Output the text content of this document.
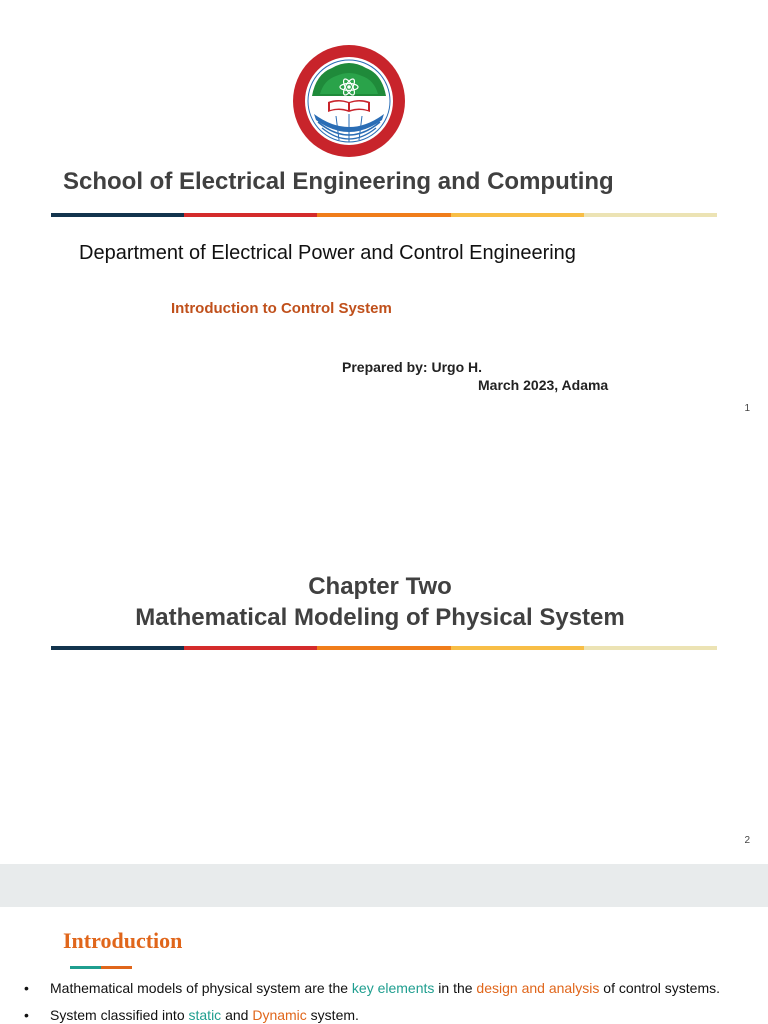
School of Electrical Engineering and Computing
Department of Electrical Power and Control Engineering
Introduction to Control System
Prepared by: Urgo H.
March 2023, Adama
1
Chapter Two
Mathematical Modeling of Physical System
2
Introduction
• Mathematical models of physical system are the key elements in the design and analysis of control systems.
• System classified into static and Dynamic system.
